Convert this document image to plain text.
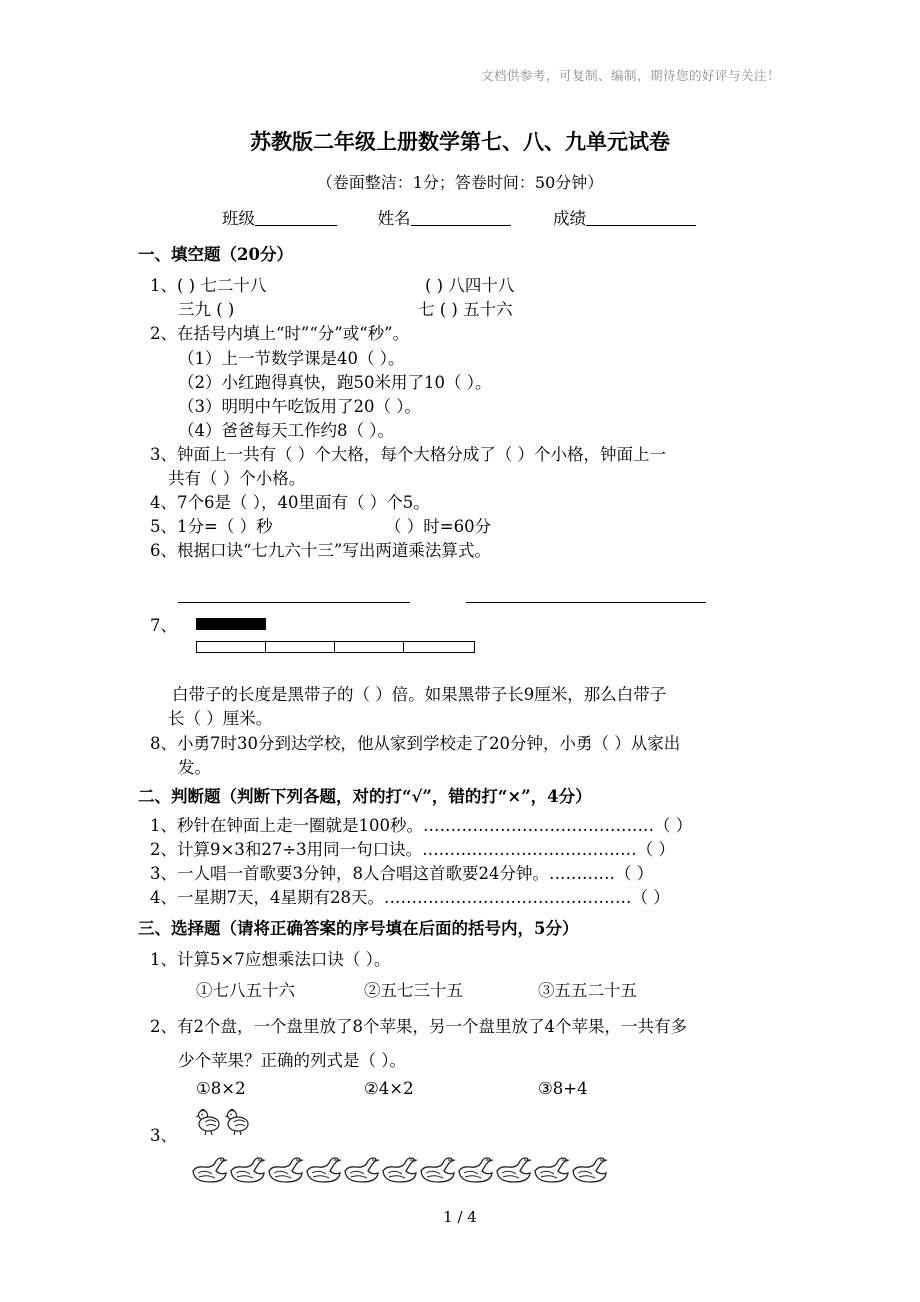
文档供参考，可复制、编制，期待您的好评与关注！
苏教版二年级上册数学第七、八、九单元试卷
（卷面整洁：1分；答卷时间：50分钟）
班级	姓名	成绩
一、填空题（20分）
1、( ) 七二十八	( ) 八四十八
三九 ( )	七 ( ) 五十六
2、在括号内填上“时”“分”或“秒”。
（1）上一节数学课是40（ ）。
（2）小红跑得真快，跑50米用了10（ ）。
（3）明明中午吃饭用了20（ ）。
（4）爸爸每天工作约8（ ）。
3、钟面上一共有（ ）个大格，每个大格分成了（ ）个小格，钟面上一
共有（ ）个小格。
4、7个6是（ ），40里面有（ ）个5。
5、1分=（ ）秒	（ ）时=60分
6、根据口诀“七九六十三”写出两道乘法算式。
7、
白带子的长度是黑带子的（ ）倍。如果黑带子长9厘米，那么白带子
长（ ）厘米。
8、小勇7时30分到达学校，他从家到学校走了20分钟，小勇（ ）从家出
发。
二、判断题（判断下列各题，对的打“√”，错的打“×”，4分）
1、秒针在钟面上走一圈就是100秒。……………………………………（ ）
2、计算9×3和27÷3用同一句口诀。…………………………………（ ）
3、一人唱一首歌要3分钟，8人合唱这首歌要24分钟。…………（ ）
4、一星期7天，4星期有28天。………………………………………（ ）
三、选择题（请将正确答案的序号填在后面的括号内，5分）
1、计算5×7应想乘法口诀（ ）。
①七八五十六	②五七三十五	③五五二十五
2、有2个盘，一个盘里放了8个苹果，另一个盘里放了4个苹果，一共有多
少个苹果？正确的列式是（ ）。
①8×2	②4×2	③8+4
3、
1 / 4
